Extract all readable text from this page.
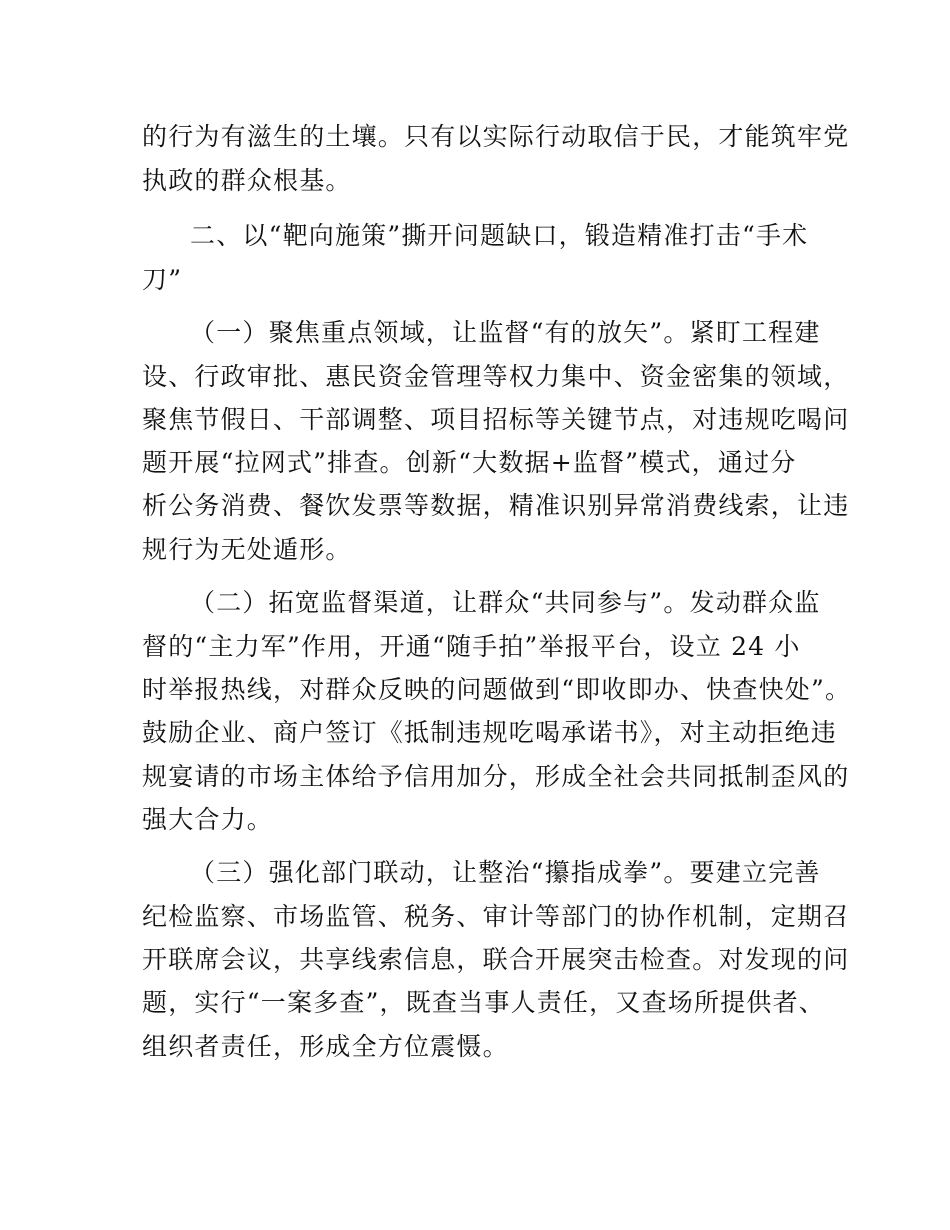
的行为有滋生的土壤。只有以实际行动取信于民，才能筑牢党

执政的群众根基。

二、以“靶向施策”撕开问题缺口，锻造精准打击“手术

刀”

（一）聚焦重点领域，让监督“有的放矢”。紧盯工程建

设、行政审批、惠民资金管理等权力集中、资金密集的领域，

聚焦节假日、干部调整、项目招标等关键节点，对违规吃喝问

题开展“拉网式”排查。创新“大数据+监督”模式，通过分

析公务消费、餐饮发票等数据，精准识别异常消费线索，让违

规行为无处遁形。

（二）拓宽监督渠道，让群众“共同参与”。发动群众监

督的“主力军”作用，开通“随手拍”举报平台，设立 24 小

时举报热线，对群众反映的问题做到“即收即办、快查快处”。

鼓励企业、商户签订《抵制违规吃喝承诺书》，对主动拒绝违

规宴请的市场主体给予信用加分，形成全社会共同抵制歪风的

强大合力。

（三）强化部门联动，让整治“攥指成拳”。要建立完善

纪检监察、市场监管、税务、审计等部门的协作机制，定期召

开联席会议，共享线索信息，联合开展突击检查。对发现的问

题，实行“一案多查”，既查当事人责任，又查场所提供者、

组织者责任，形成全方位震慑。
